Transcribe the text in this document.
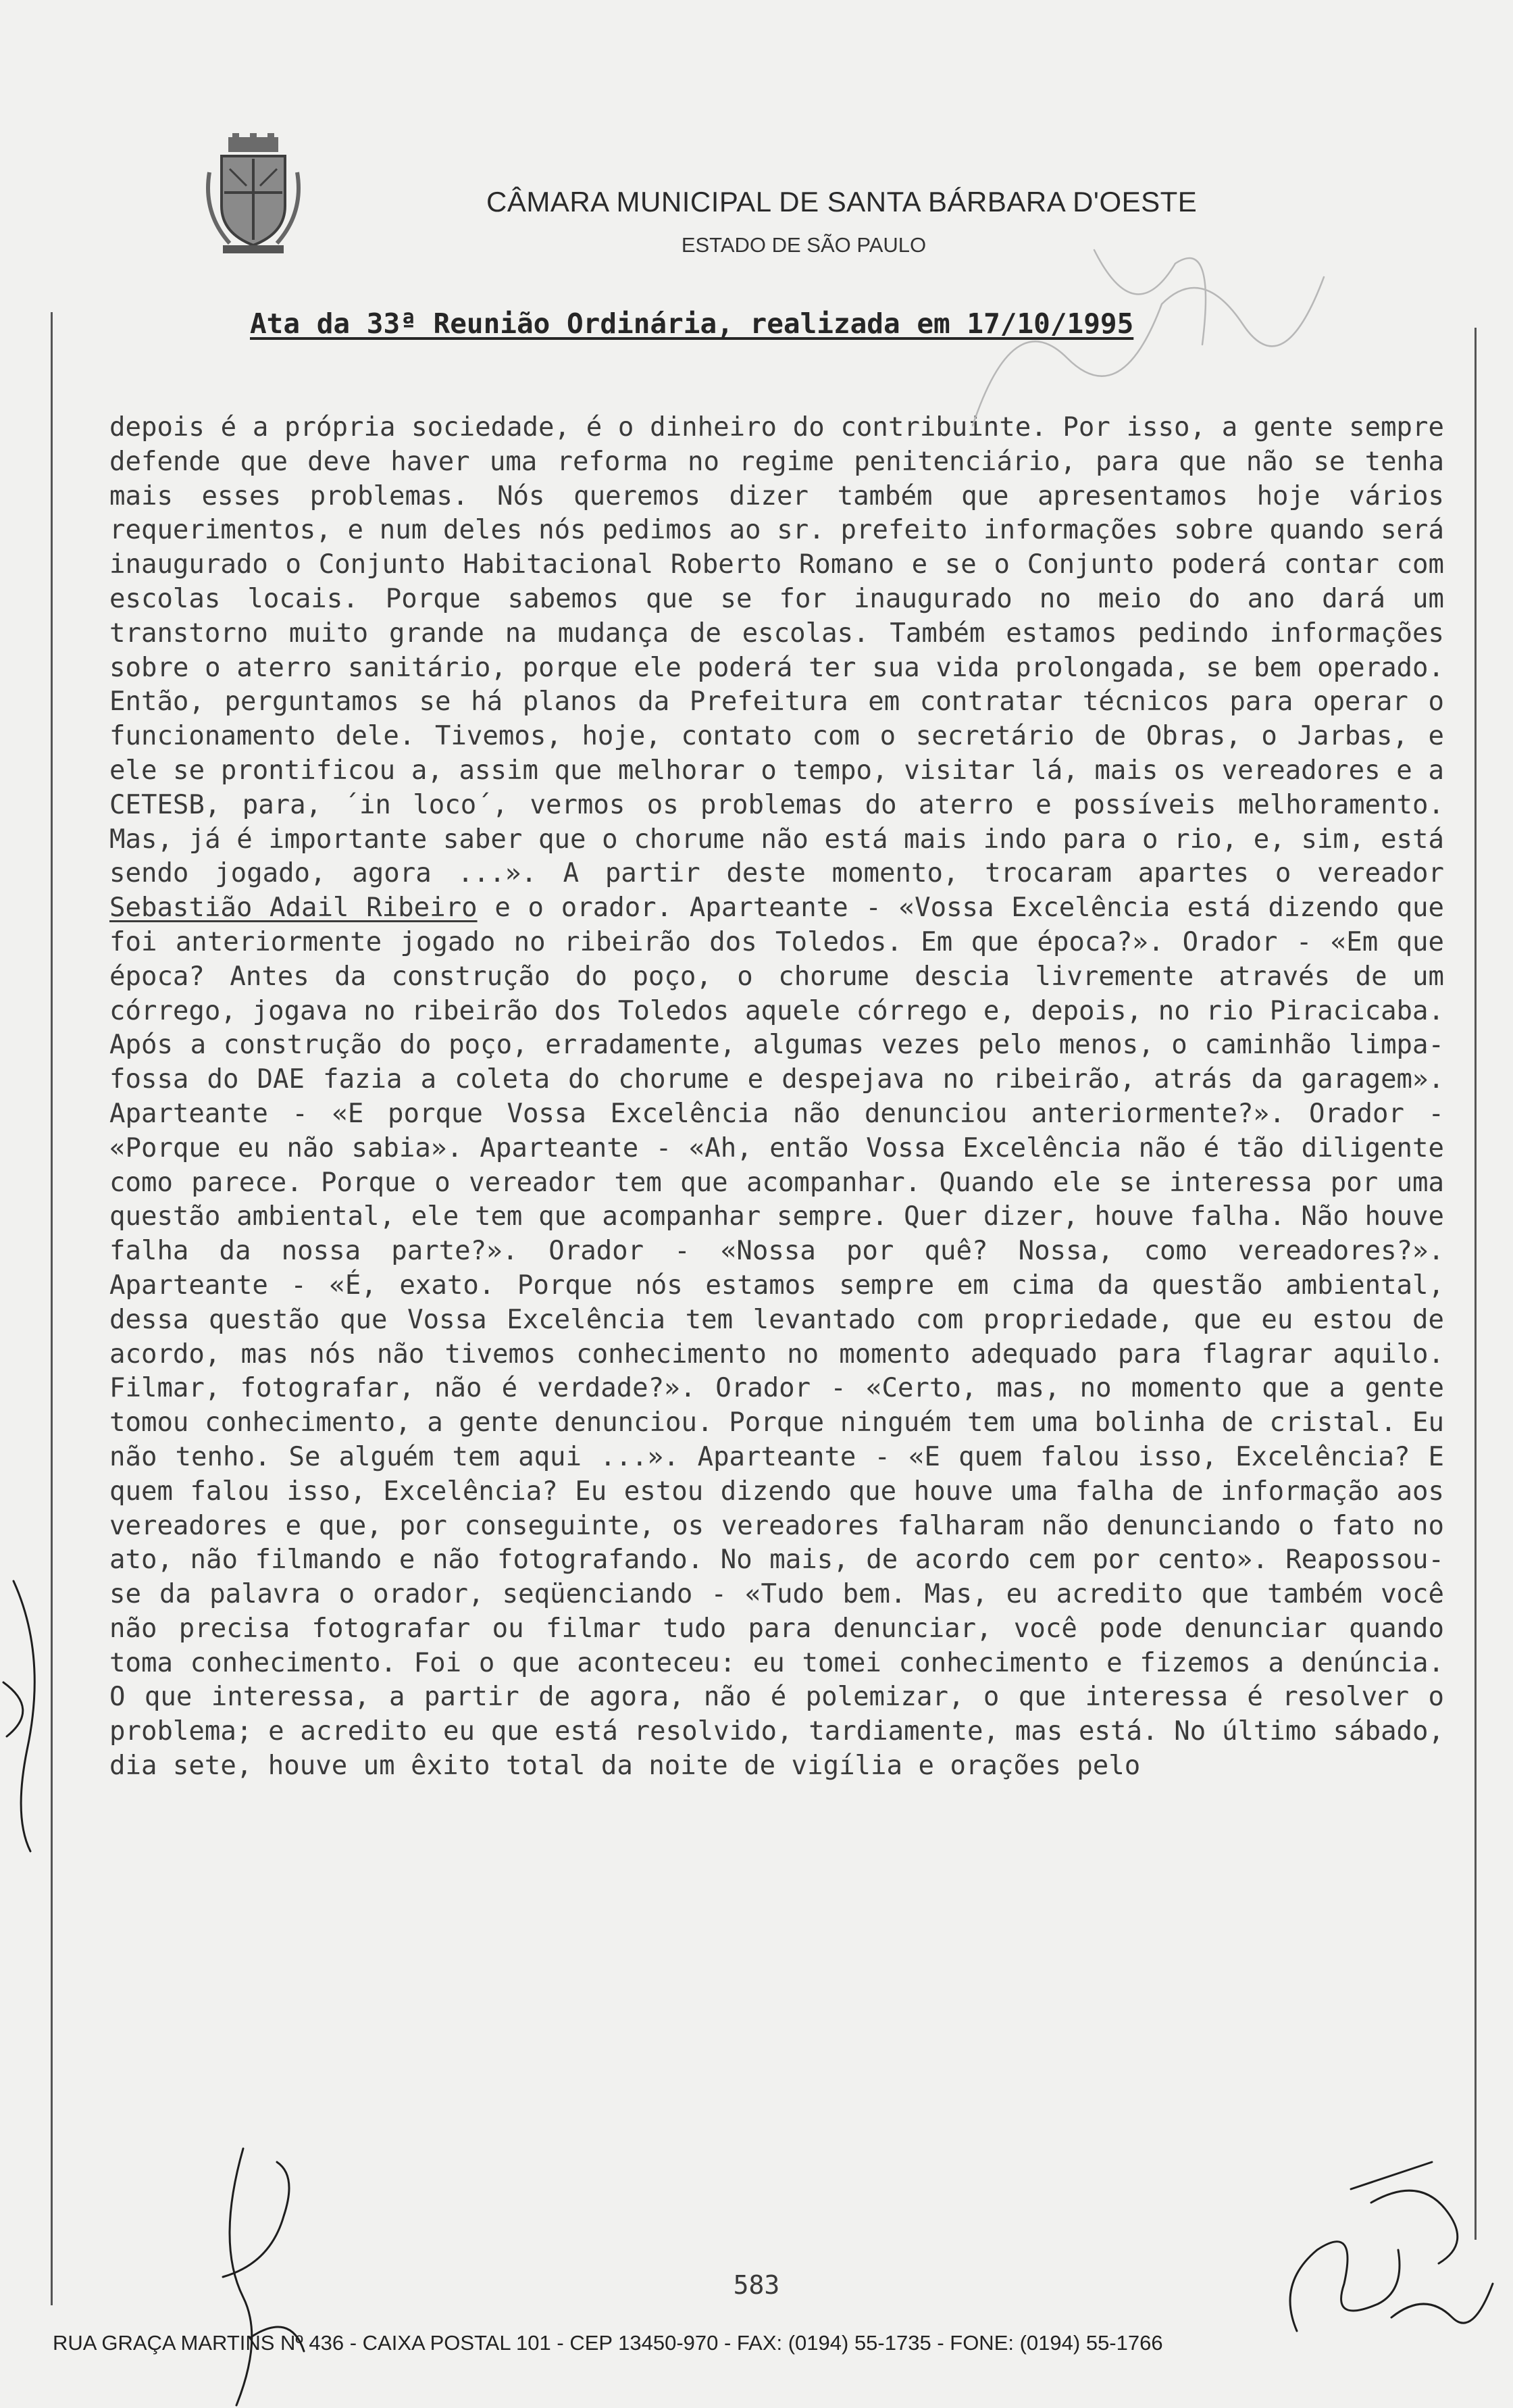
CÂMARA MUNICIPAL DE SANTA BÁRBARA D'OESTE
ESTADO DE SÃO PAULO
Ata da 33ª Reunião Ordinária, realizada em 17/10/1995

depois é a própria sociedade, é o dinheiro do contribuinte. Por isso, a gente sempre defende que deve haver uma reforma no regime penitenciário, para que não se tenha mais esses problemas. Nós queremos dizer também que apresentamos hoje vários requerimentos, e num deles nós pedimos ao sr. prefeito informações sobre quando será inaugurado o Conjunto Habitacional Roberto Romano e se o Conjunto poderá contar com escolas locais. Porque sabemos que se for inaugurado no meio do ano dará um transtorno muito grande na mudança de escolas. Também estamos pedindo informações sobre o aterro sanitário, porque ele poderá ter sua vida prolongada, se bem operado. Então, perguntamos se há planos da Prefeitura em contratar técnicos para operar o funcionamento dele. Tivemos, hoje, contato com o secretário de Obras, o Jarbas, e ele se prontificou a, assim que melhorar o tempo, visitar lá, mais os vereadores e a CETESB, para, ´in loco´, vermos os problemas do aterro e possíveis melhoramento. Mas, já é importante saber que o chorume não está mais indo para o rio, e, sim, está sendo jogado, agora ...». A partir deste momento, trocaram apartes o vereador Sebastião Adail Ribeiro e o orador. Aparteante - «Vossa Excelência está dizendo que foi anteriormente jogado no ribeirão dos Toledos. Em que época?». Orador - «Em que época? Antes da construção do poço, o chorume descia livremente através de um córrego, jogava no ribeirão dos Toledos aquele córrego e, depois, no rio Piracicaba. Após a construção do poço, erradamente, algumas vezes pelo menos, o caminhão limpa-fossa do DAE fazia a coleta do chorume e despejava no ribeirão, atrás da garagem». Aparteante - «E porque Vossa Excelência não denunciou anteriormente?». Orador - «Porque eu não sabia». Aparteante - «Ah, então Vossa Excelência não é tão diligente como parece. Porque o vereador tem que acompanhar. Quando ele se interessa por uma questão ambiental, ele tem que acompanhar sempre. Quer dizer, houve falha. Não houve falha da nossa parte?». Orador - «Nossa por quê? Nossa, como vereadores?». Aparteante - «É, exato. Porque nós estamos sempre em cima da questão ambiental, dessa questão que Vossa Excelência tem levantado com propriedade, que eu estou de acordo, mas nós não tivemos conhecimento no momento adequado para flagrar aquilo. Filmar, fotografar, não é verdade?». Orador - «Certo, mas, no momento que a gente tomou conhecimento, a gente denunciou. Porque ninguém tem uma bolinha de cristal. Eu não tenho. Se alguém tem aqui ...». Aparteante - «E quem falou isso, Excelência? E quem falou isso, Excelência? Eu estou dizendo que houve uma falha de informação aos vereadores e que, por conseguinte, os vereadores falharam não denunciando o fato no ato, não filmando e não fotografando. No mais, de acordo cem por cento». Reapossou-se da palavra o orador, seqüenciando - «Tudo bem. Mas, eu acredito que também você não precisa fotografar ou filmar tudo para denunciar, você pode denunciar quando toma conhecimento. Foi o que aconteceu: eu tomei conhecimento e fizemos a denúncia. O que interessa, a partir de agora, não é polemizar, o que interessa é resolver o problema; e acredito eu que está resolvido, tardiamente, mas está. No último sábado, dia sete, houve um êxito total da noite de vigília e orações pelo

583
RUA GRAÇA MARTINS Nº 436 - CAIXA POSTAL 101 - CEP 13450-970 - FAX: (0194) 55-1735 - FONE: (0194) 55-1766
